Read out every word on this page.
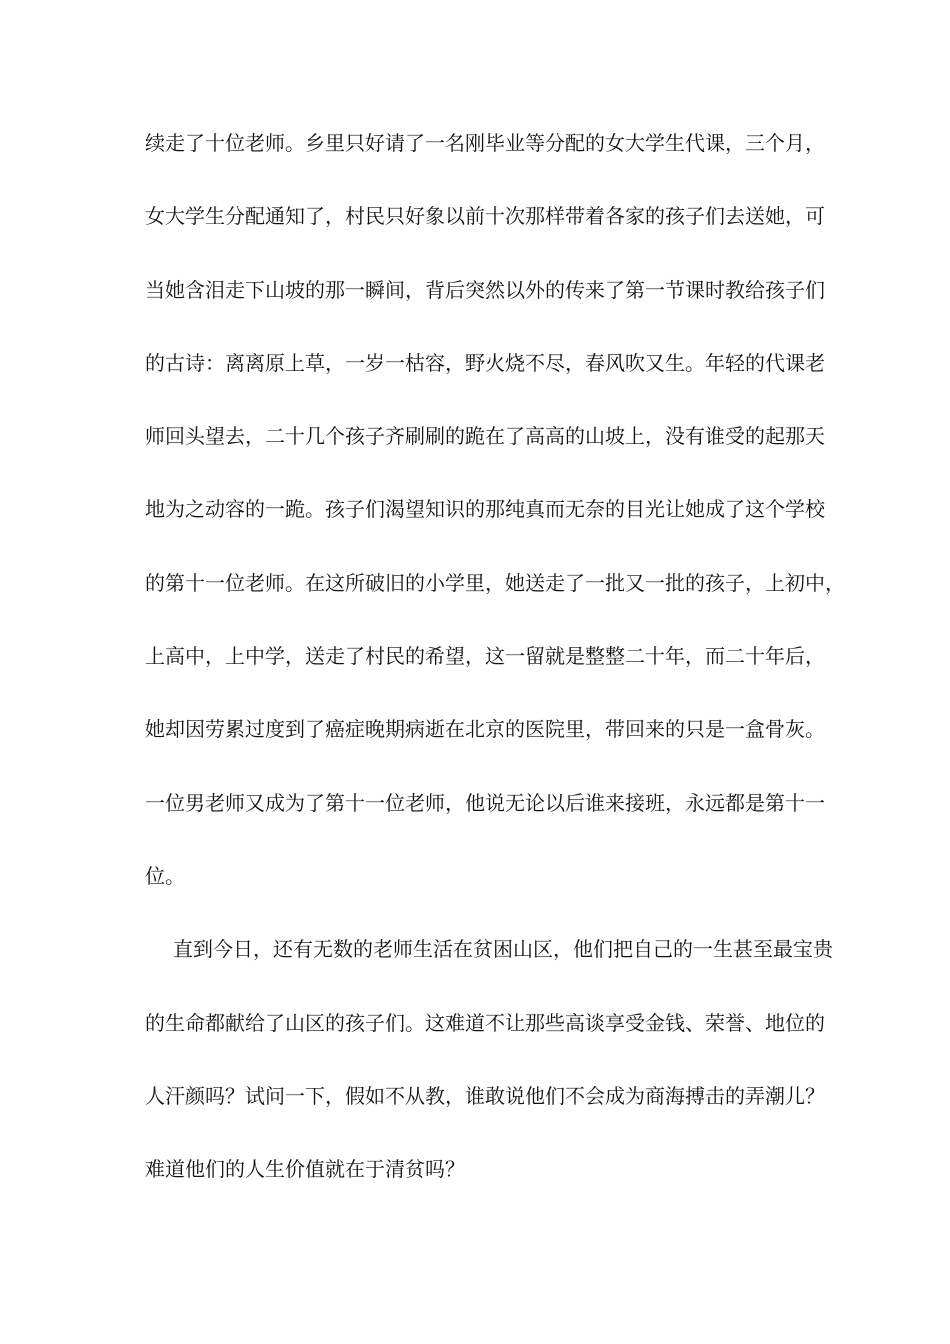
续走了十位老师。乡里只好请了一名刚毕业等分配的女大学生代课，三个月，
女大学生分配通知了，村民只好象以前十次那样带着各家的孩子们去送她，可
当她含泪走下山坡的那一瞬间，背后突然以外的传来了第一节课时教给孩子们
的古诗：离离原上草，一岁一枯容，野火烧不尽，春风吹又生。年轻的代课老
师回头望去，二十几个孩子齐刷刷的跪在了高高的山坡上，没有谁受的起那天
地为之动容的一跪。孩子们渴望知识的那纯真而无奈的目光让她成了这个学校
的第十一位老师。在这所破旧的小学里，她送走了一批又一批的孩子，上初中，
上高中，上中学，送走了村民的希望，这一留就是整整二十年，而二十年后，
她却因劳累过度到了癌症晚期病逝在北京的医院里，带回来的只是一盒骨灰。
一位男老师又成为了第十一位老师，他说无论以后谁来接班，永远都是第十一
位。
直到今日，还有无数的老师生活在贫困山区，他们把自己的一生甚至最宝贵
的生命都献给了山区的孩子们。这难道不让那些高谈享受金钱、荣誉、地位的
人汗颜吗？试问一下，假如不从教，谁敢说他们不会成为商海搏击的弄潮儿？
难道他们的人生价值就在于清贫吗？
